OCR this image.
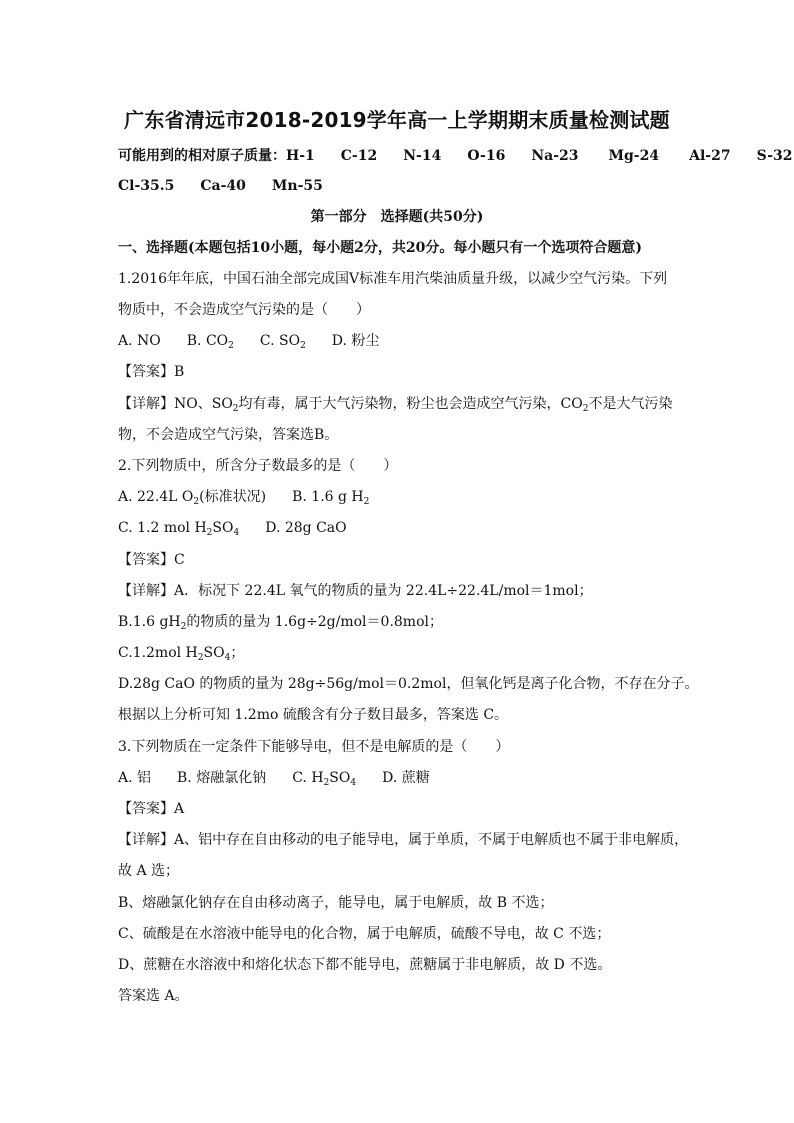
广东省清远市2018-2019学年高一上学期期末质量检测试题
可能用到的相对原子质量：H-1 C-12 N-14 O-16 Na-23 Mg-24 Al-27 S-32
Cl-35.5 Ca-40 Mn-55
第一部分　选择题(共50分)
一、选择题(本题包括10小题，每小题2分，共20分。每小题只有一个选项符合题意)
1.2016年年底，中国石油全部完成国Ⅴ标准车用汽柴油质量升级，以减少空气污染。下列
物质中，不会造成空气污染的是（　　）
A. NO B. $CO_2$ C. $SO_2$ D. 粉尘
【答案】B
【详解】NO、$SO_2$均有毒，属于大气污染物，粉尘也会造成空气污染，$CO_2$不是大气污染
物，不会造成空气污染，答案选B。
2.下列物质中，所含分子数最多的是（　　）
A. 22.4L $O_2$(标准状况) B. 1.6 g $H_2$
C. 1.2 mol $H_2SO_4$ D. 28g CaO
【答案】C
【详解】A．标况下 22.4L 氧气的物质的量为 22.4L÷22.4L/mol＝1mol；
B.1.6 $gH_2$的物质的量为 1.6g÷2g/mol＝0.8mol；
C.1.2mol $H_2SO_4$；
D.28g CaO 的物质的量为 28g÷56g/mol＝0.2mol，但氧化钙是离子化合物，不存在分子。
根据以上分析可知 1.2mo 硫酸含有分子数目最多，答案选 C。
3.下列物质在一定条件下能够导电，但不是电解质的是（　　）
A. 铝 B. 熔融氯化钠 C. $H_2SO_4$ D. 蔗糖
【答案】A
【详解】A、铝中存在自由移动的电子能导电，属于单质，不属于电解质也不属于非电解质，
故 A 选；
B、熔融氯化钠存在自由移动离子，能导电，属于电解质，故 B 不选；
C、硫酸是在水溶液中能导电的化合物，属于电解质，硫酸不导电，故 C 不选；
D、蔗糖在水溶液中和熔化状态下都不能导电，蔗糖属于非电解质，故 D 不选。
答案选 A。
